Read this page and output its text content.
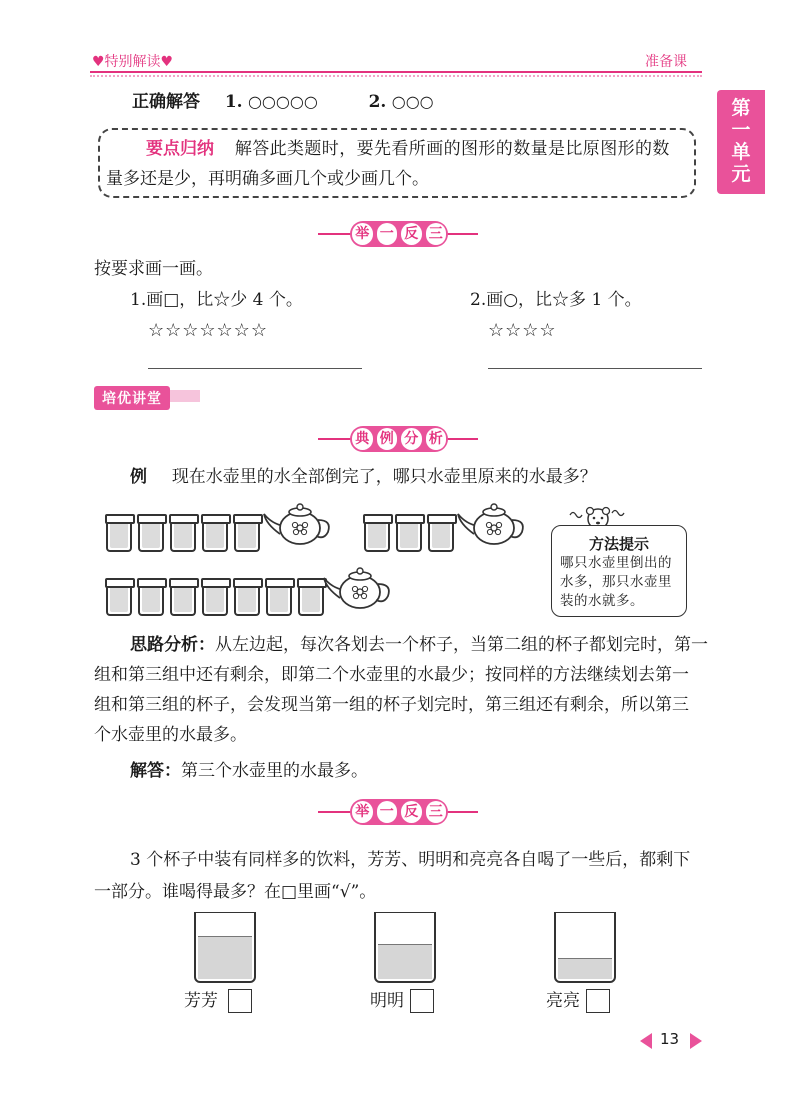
♥特别解读♥	准备课
第
一
单
元
正确解答 1. ○○○○○	2. ○○○
要点归纳 解答此类题时，要先看所画的图形的数量是比原图形的数
量多还是少，再明确多画几个或少画几个。
举 一 反 三
按要求画一画。
1.画□，比☆少 4 个。
☆☆☆☆☆☆☆
2.画○，比☆多 1 个。
☆☆☆☆
培优讲堂
典 例 分 析
例 现在水壶里的水全部倒完了，哪只水壶里原来的水最多？
方法提示
哪只水壶里倒出的水多，那只水壶里装的水就多。
思路分析：从左边起，每次各划去一个杯子，当第二组的杯子都划完时，第一
组和第三组中还有剩余，即第二个水壶里的水最少；按同样的方法继续划去第一
组和第三组的杯子，会发现当第一组的杯子划完时，第三组还有剩余，所以第三
个水壶里的水最多。
解答：第三个水壶里的水最多。
举 一 反 三
3 个杯子中装有同样多的饮料，芳芳、明明和亮亮各自喝了一些后，都剩下
一部分。谁喝得最多？在□里画“√”。
芳芳	明明	亮亮
13
